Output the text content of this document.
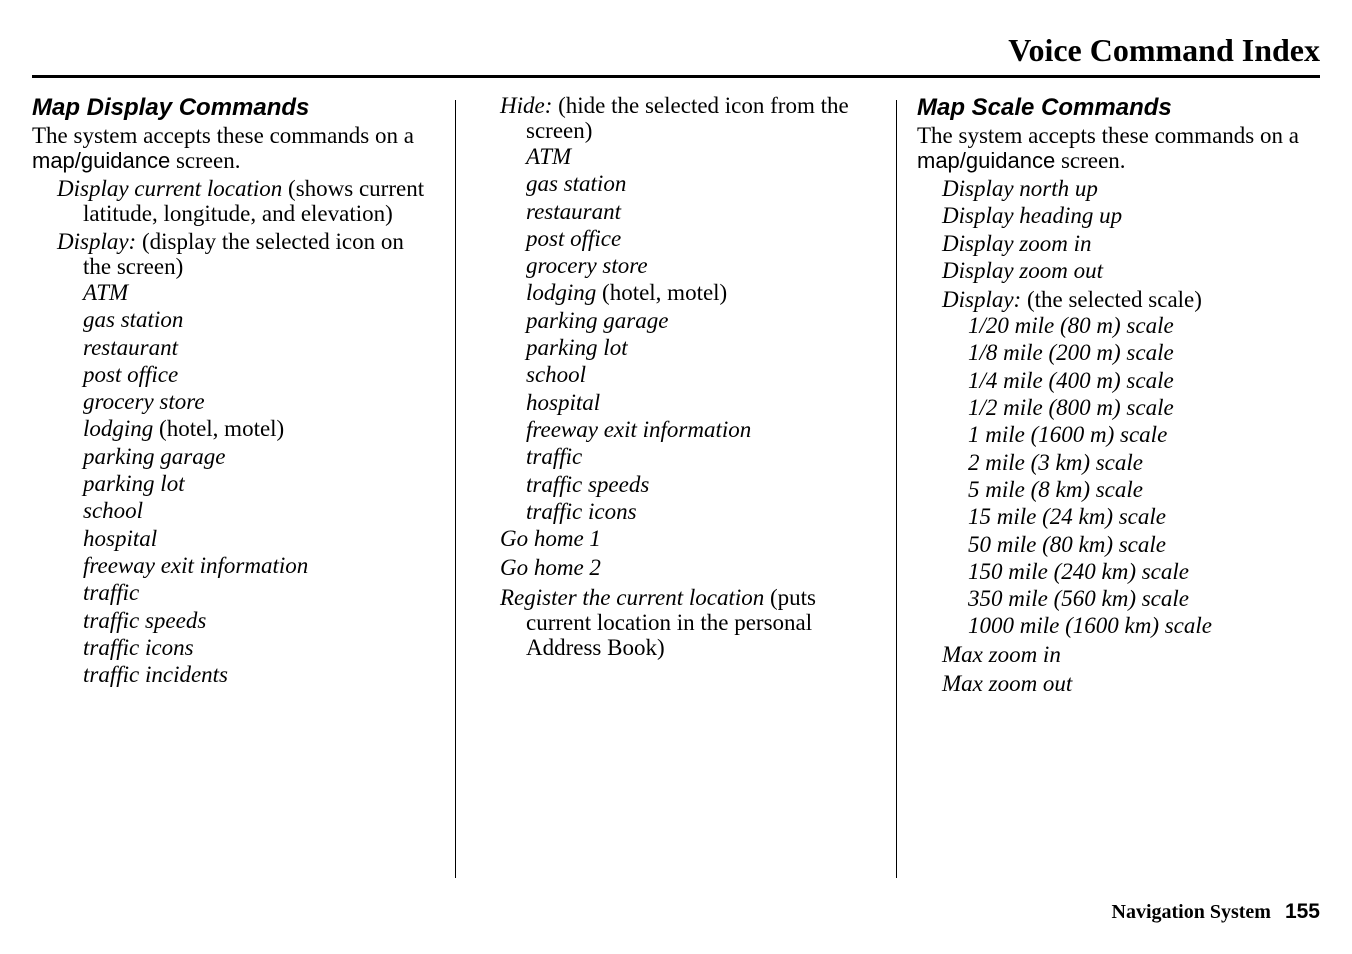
Voice Command Index
Map Display Commands
The system accepts these commands on a map/guidance screen.
Display current location (shows current latitude, longitude, and elevation)
Display: (display the selected icon on the screen)
ATM
gas station
restaurant
post office
grocery store
lodging (hotel, motel)
parking garage
parking lot
school
hospital
freeway exit information
traffic
traffic speeds
traffic icons
traffic incidents
Hide: (hide the selected icon from the screen)
ATM
gas station
restaurant
post office
grocery store
lodging (hotel, motel)
parking garage
parking lot
school
hospital
freeway exit information
traffic
traffic speeds
traffic icons
Go home 1
Go home 2
Register the current location (puts current location in the personal Address Book)
Map Scale Commands
The system accepts these commands on a map/guidance screen.
Display north up
Display heading up
Display zoom in
Display zoom out
Display: (the selected scale)
1/20 mile (80 m) scale
1/8 mile (200 m) scale
1/4 mile (400 m) scale
1/2 mile (800 m) scale
1 mile (1600 m) scale
2 mile (3 km) scale
5 mile (8 km) scale
15 mile (24 km) scale
50 mile (80 km) scale
150 mile (240 km) scale
350 mile (560 km) scale
1000 mile (1600 km) scale
Max zoom in
Max zoom out
Navigation System 155
